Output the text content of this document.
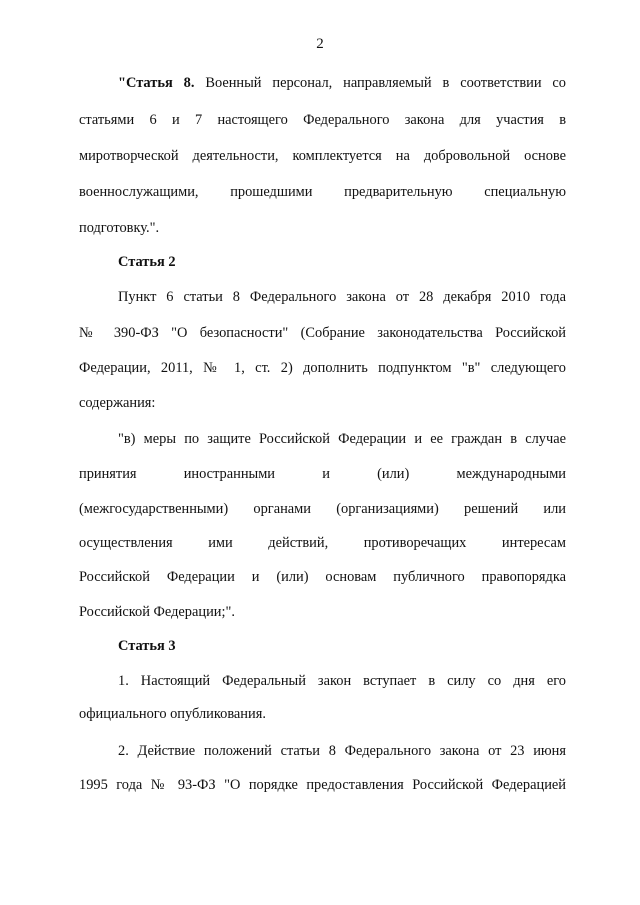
2
"Статья 8. Военный персонал, направляемый в соответствии со
статьями 6 и 7 настоящего Федерального закона для участия в
миротворческой деятельности, комплектуется на добровольной основе
военнослужащими, прошедшими предварительную специальную
подготовку.".
Статья 2
Пункт 6 статьи 8 Федерального закона от 28 декабря 2010 года
№ 390-ФЗ "О безопасности" (Собрание законодательства Российской
Федерации, 2011, № 1, ст. 2) дополнить подпунктом "в" следующего
содержания:
"в) меры по защите Российской Федерации и ее граждан в случае
принятия иностранными и (или) международными
(межгосударственными) органами (организациями) решений или
осуществления ими действий, противоречащих интересам
Российской Федерации и (или) основам публичного правопорядка
Российской Федерации;".
Статья 3
1. Настоящий Федеральный закон вступает в силу со дня его
официального опубликования.
2. Действие положений статьи 8 Федерального закона от 23 июня
1995 года № 93-ФЗ "О порядке предоставления Российской Федерацией
